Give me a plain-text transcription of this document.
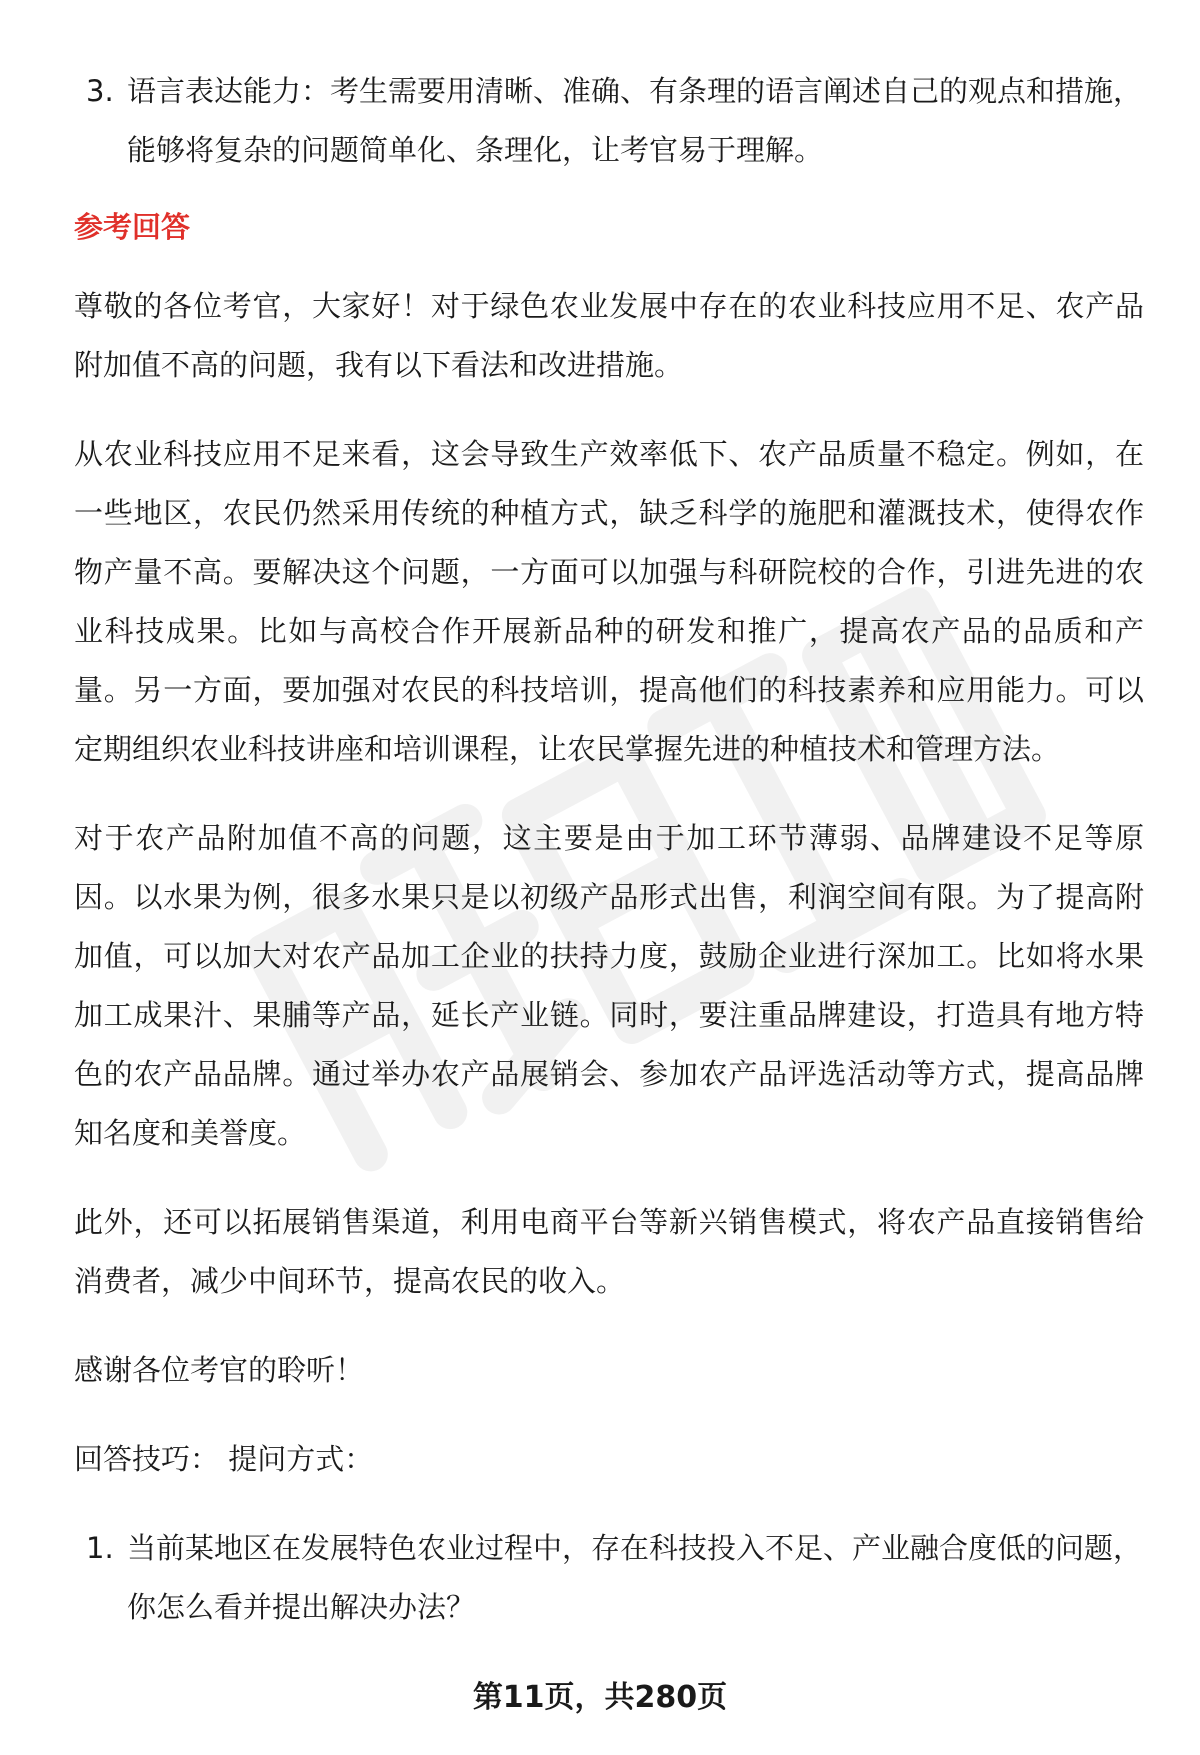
3. 语言表达能力：考生需要用清晰、准确、有条理的语言阐述自己的观点和措施，能够将复杂的问题简单化、条理化，让考官易于理解。
参考回答

尊敬的各位考官，大家好！对于绿色农业发展中存在的农业科技应用不足、农产品附加值不高的问题，我有以下看法和改进措施。

从农业科技应用不足来看，这会导致生产效率低下、农产品质量不稳定。例如，在一些地区，农民仍然采用传统的种植方式，缺乏科学的施肥和灌溉技术，使得农作物产量不高。要解决这个问题，一方面可以加强与科研院校的合作，引进先进的农业科技成果。比如与高校合作开展新品种的研发和推广，提高农产品的品质和产量。另一方面，要加强对农民的科技培训，提高他们的科技素养和应用能力。可以定期组织农业科技讲座和培训课程，让农民掌握先进的种植技术和管理方法。

对于农产品附加值不高的问题，这主要是由于加工环节薄弱、品牌建设不足等原因。以水果为例，很多水果只是以初级产品形式出售，利润空间有限。为了提高附加值，可以加大对农产品加工企业的扶持力度，鼓励企业进行深加工。比如将水果加工成果汁、果脯等产品，延长产业链。同时，要注重品牌建设，打造具有地方特色的农产品品牌。通过举办农产品展销会、参加农产品评选活动等方式，提高品牌知名度和美誉度。

此外，还可以拓展销售渠道，利用电商平台等新兴销售模式，将农产品直接销售给消费者，减少中间环节，提高农民的收入。

感谢各位考官的聆听！

回答技巧： 提问方式：

1. 当前某地区在发展特色农业过程中，存在科技投入不足、产业融合度低的问题，你怎么看并提出解决办法？
第11页，共280页
